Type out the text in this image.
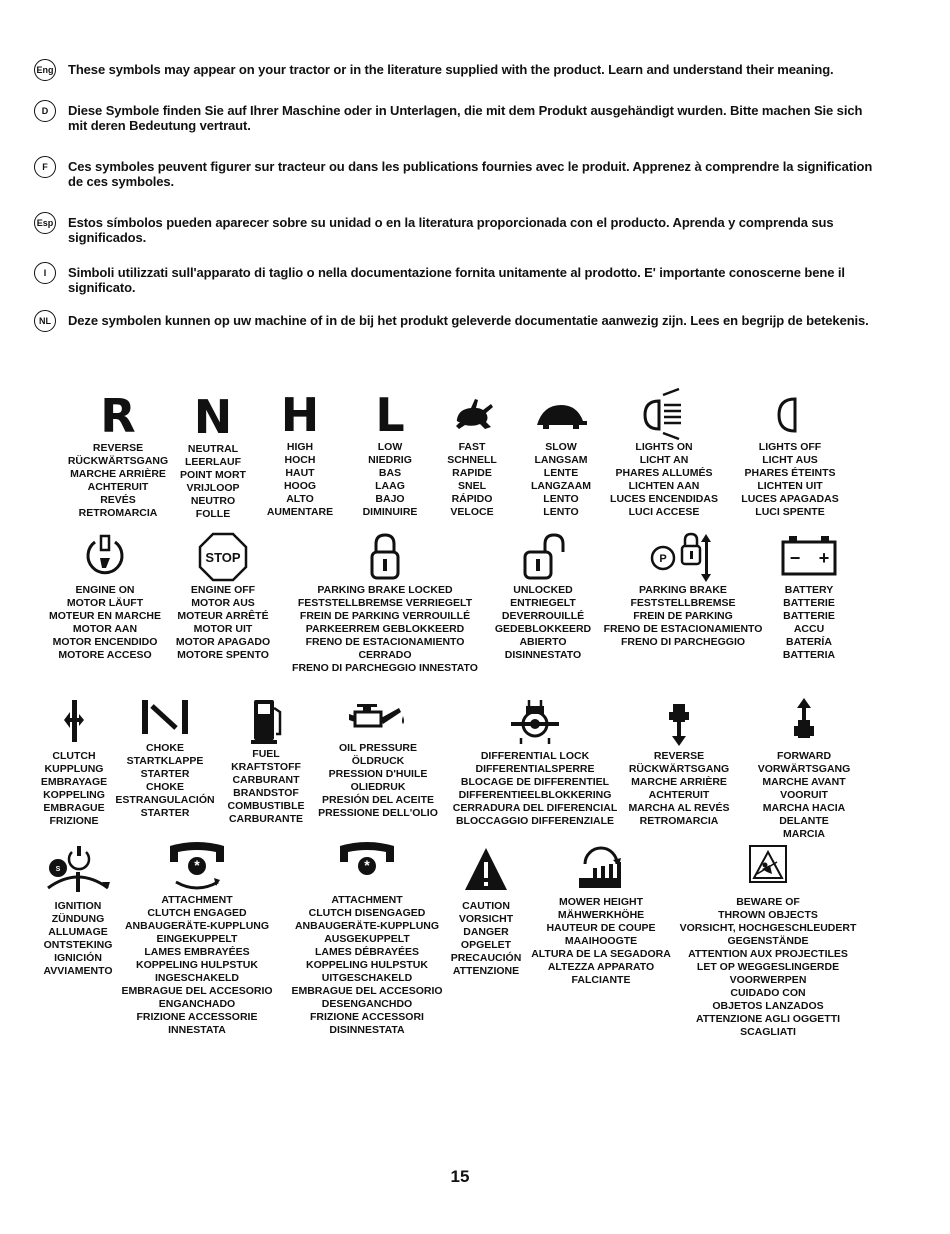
Eng These symbols may appear on your tractor or in the literature supplied with the product. Learn and understand their meaning.
D	Diese Symbole finden Sie auf Ihrer Maschine oder in Unterlagen, die mit dem Produkt ausgehändigt wurden. Bitte machen Sie sich mit deren Bedeutung vertraut.
F	Ces symboles peuvent figurer sur tracteur ou dans les publications fournies avec le produit. Apprenez à comprendre la signification de ces symboles.
Esp Estos símbolos pueden aparecer sobre su unidad o en la literatura proporcionada con el producto. Aprenda y comprenda sus significados.
I	Simboli utilizzati sull'apparato di taglio o nella documentazione fornita unitamente al prodotto. E' importante conoscerne bene il significato.
NL	Deze symbolen kunnen op uw machine of in de bij het produkt geleverde documentatie aanwezig zijn. Lees en begrijp de betekenis.
R
REVERSE
RÜCKWÄRTSGANG
MARCHE ARRIÈRE
ACHTERUIT
REVÉS
RETROMARCIA
N
NEUTRAL
LEERLAUF
POINT MORT
VRIJLOOP
NEUTRO
FOLLE
H
HIGH
HOCH
HAUT
HOOG
ALTO
AUMENTARE
L
LOW
NIEDRIG
BAS
LAAG
BAJO
DIMINUIRE
FAST
SCHNELL
RAPIDE
SNEL
RÁPIDO
VELOCE
SLOW
LANGSAM
LENTE
LANGZAAM
LENTO
LENTO
LIGHTS ON
LICHT AN
PHARES ALLUMÉS
LICHTEN AAN
LUCES ENCENDIDAS
LUCI ACCESE
LIGHTS OFF
LICHT AUS
PHARES ÉTEINTS
LICHTEN UIT
LUCES APAGADAS
LUCI SPENTE
ENGINE ON
MOTOR LÄUFT
MOTEUR EN MARCHE
MOTOR AAN
MOTOR ENCENDIDO
MOTORE ACCESO
STOP
ENGINE OFF
MOTOR AUS
MOTEUR ARRÊTÉ
MOTOR UIT
MOTOR APAGADO
MOTORE SPENTO
PARKING BRAKE LOCKED
FESTSTELLBREMSE VERRIEGELT
FREIN DE PARKING VERROUILLÉ
PARKEERREM GEBLOKKEERD
FRENO DE ESTACIONAMIENTO
CERRADO
FRENO DI PARCHEGGIO INNESTATO
UNLOCKED
ENTRIEGELT
DEVERROUILLÉ
GEDEBLOKKEERD
ABIERTO
DISINNESTATO
P
PARKING BRAKE
FESTSTELLBREMSE
FREIN DE PARKING
FRENO DE ESTACIONAMIENTO
FRENO DI PARCHEGGIO
− +
BATTERY
BATTERIE
BATTERIE
ACCU
BATERÍA
BATTERIA
CLUTCH
KUPPLUNG
EMBRAYAGE
KOPPELING
EMBRAGUE
FRIZIONE
CHOKE
STARTKLAPPE
STARTER
CHOKE
ESTRANGULACIÓN
STARTER
FUEL
KRAFTSTOFF
CARBURANT
BRANDSTOF
COMBUSTIBLE
CARBURANTE
OIL PRESSURE
ÖLDRUCK
PRESSION D'HUILE
OLIEDRUK
PRESIÓN DEL ACEITE
PRESSIONE DELL'OLIO
DIFFERENTIAL LOCK
DIFFERENTIALSPERRE
BLOCAGE DE DIFFERENTIEL
DIFFERENTIEELBLOKKERING
CERRADURA DEL DIFERENCIAL
BLOCCAGGIO DIFFERENZIALE
REVERSE
RÜCKWÄRTSGANG
MARCHE ARRIÈRE
ACHTERUIT
MARCHA AL REVÉS
RETROMARCIA
FORWARD
VORWÄRTSGANG
MARCHE AVANT
VOORUIT
MARCHA HACIA
DELANTE
MARCIA
S
IGNITION
ZÜNDUNG
ALLUMAGE
ONTSTEKING
IGNICIÓN
AVVIAMENTO
*
ATTACHMENT
CLUTCH ENGAGED
ANBAUGERÄTE-KUPPLUNG
EINGEKUPPELT
LAMES EMBRAYÉES
KOPPELING HULPSTUK
INGESCHAKELD
EMBRAGUE DEL ACCESORIO
ENGANCHADO
FRIZIONE ACCESSORIE
INNESTATA
*
ATTACHMENT
CLUTCH DISENGAGED
ANBAUGERÄTE-KUPPLUNG
AUSGEKUPPELT
LAMES DÉBRAYÉES
KOPPELING HULPSTUK
UITGESCHAKELD
EMBRAGUE DEL ACCESORIO
DESENGANCHDO
FRIZIONE ACCESSORI
DISINNESTATA
CAUTION
VORSICHT
DANGER
OPGELET
PRECAUCIÓN
ATTENZIONE
MOWER HEIGHT
MÄHWERKHÖHE
HAUTEUR DE COUPE
MAAIHOOGTE
ALTURA DE LA SEGADORA
ALTEZZA APPARATO
FALCIANTE
BEWARE OF
THROWN OBJECTS
VORSICHT, HOCHGESCHLEUDERT
GEGENSTÄNDE
ATTENTION AUX PROJECTILES
LET OP WEGGESLINGERDE
VOORWERPEN
CUIDADO CON
OBJETOS LANZADOS
ATTENZIONE AGLI OGGETTI
SCAGLIATI
15
